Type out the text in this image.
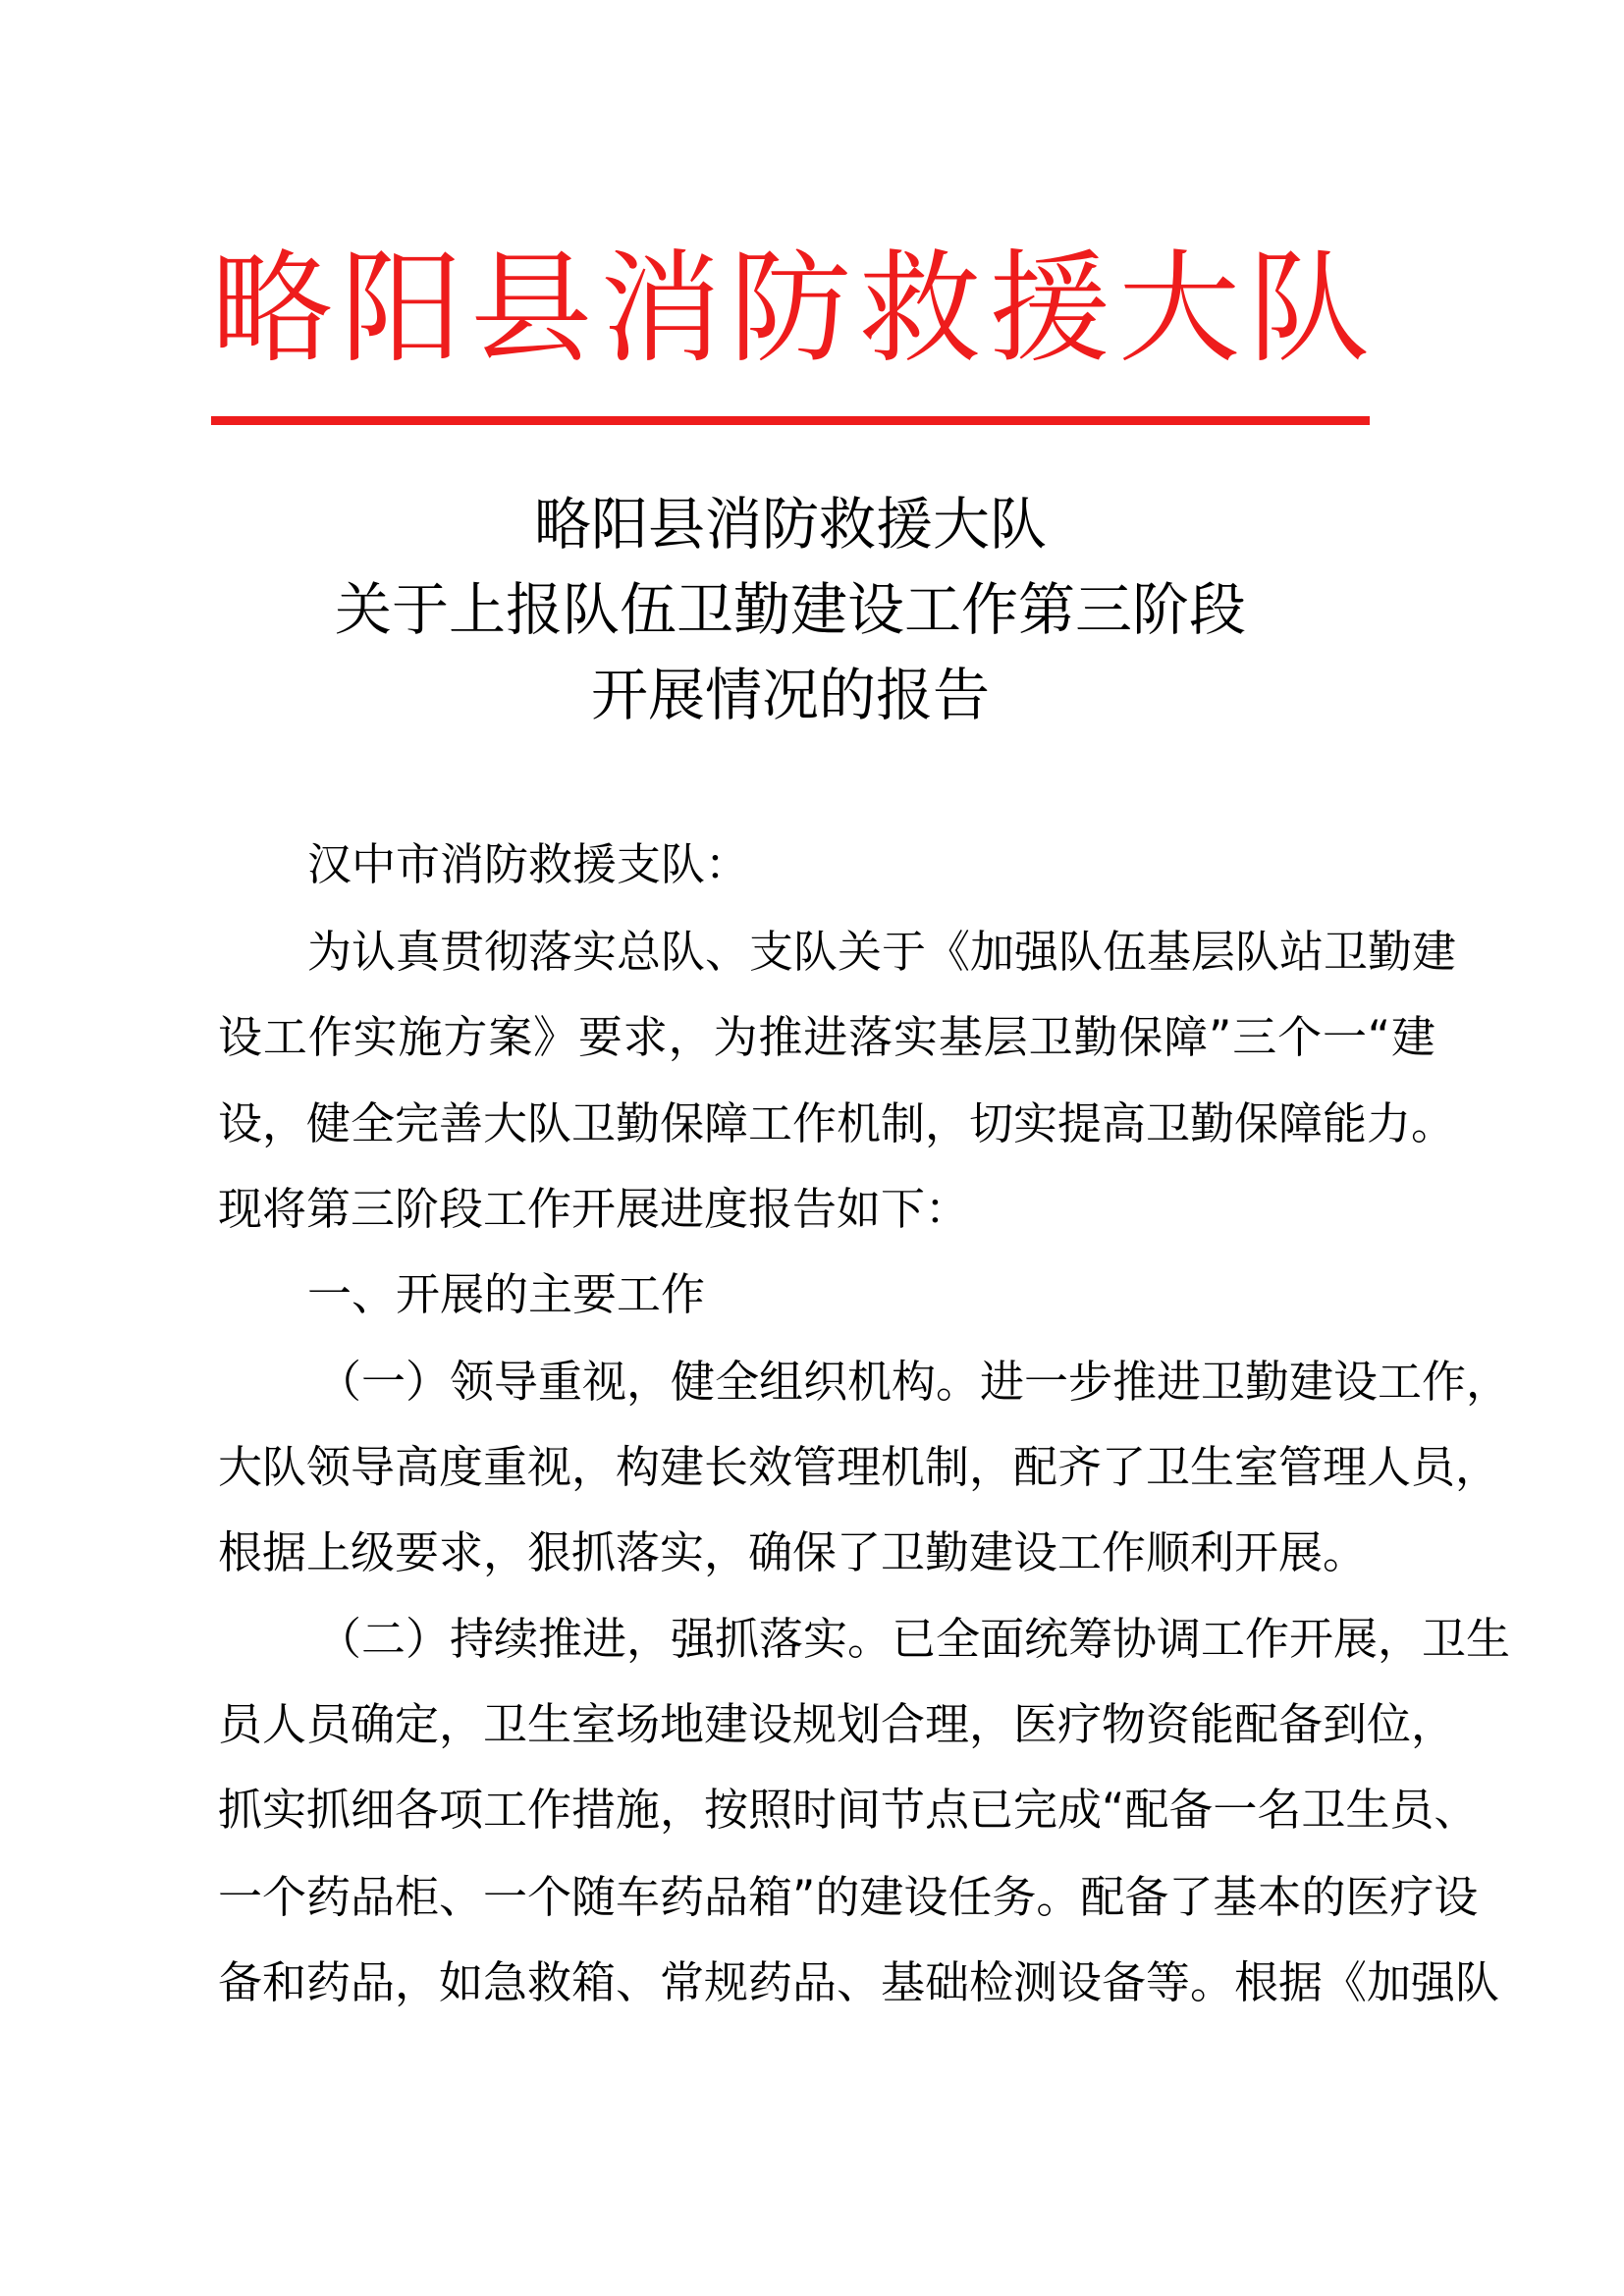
略阳县消防救援大队
略阳县消防救援大队
关于上报队伍卫勤建设工作第三阶段
开展情况的报告
汉中市消防救援支队：
为认真贯彻落实总队、支队关于《加强队伍基层队站卫勤建
设工作实施方案》要求，为推进落实基层卫勤保障”三个一“建
设，健全完善大队卫勤保障工作机制，切实提高卫勤保障能力。
现将第三阶段工作开展进度报告如下：
一、开展的主要工作
（一）领导重视，健全组织机构。进一步推进卫勤建设工作，
大队领导高度重视，构建长效管理机制，配齐了卫生室管理人员，
根据上级要求，狠抓落实，确保了卫勤建设工作顺利开展。
（二）持续推进，强抓落实。已全面统筹协调工作开展，卫生
员人员确定，卫生室场地建设规划合理，医疗物资能配备到位，
抓实抓细各项工作措施，按照时间节点已完成“配备一名卫生员、
一个药品柜、一个随车药品箱”的建设任务。配备了基本的医疗设
备和药品，如急救箱、常规药品、基础检测设备等。根据《加强队
